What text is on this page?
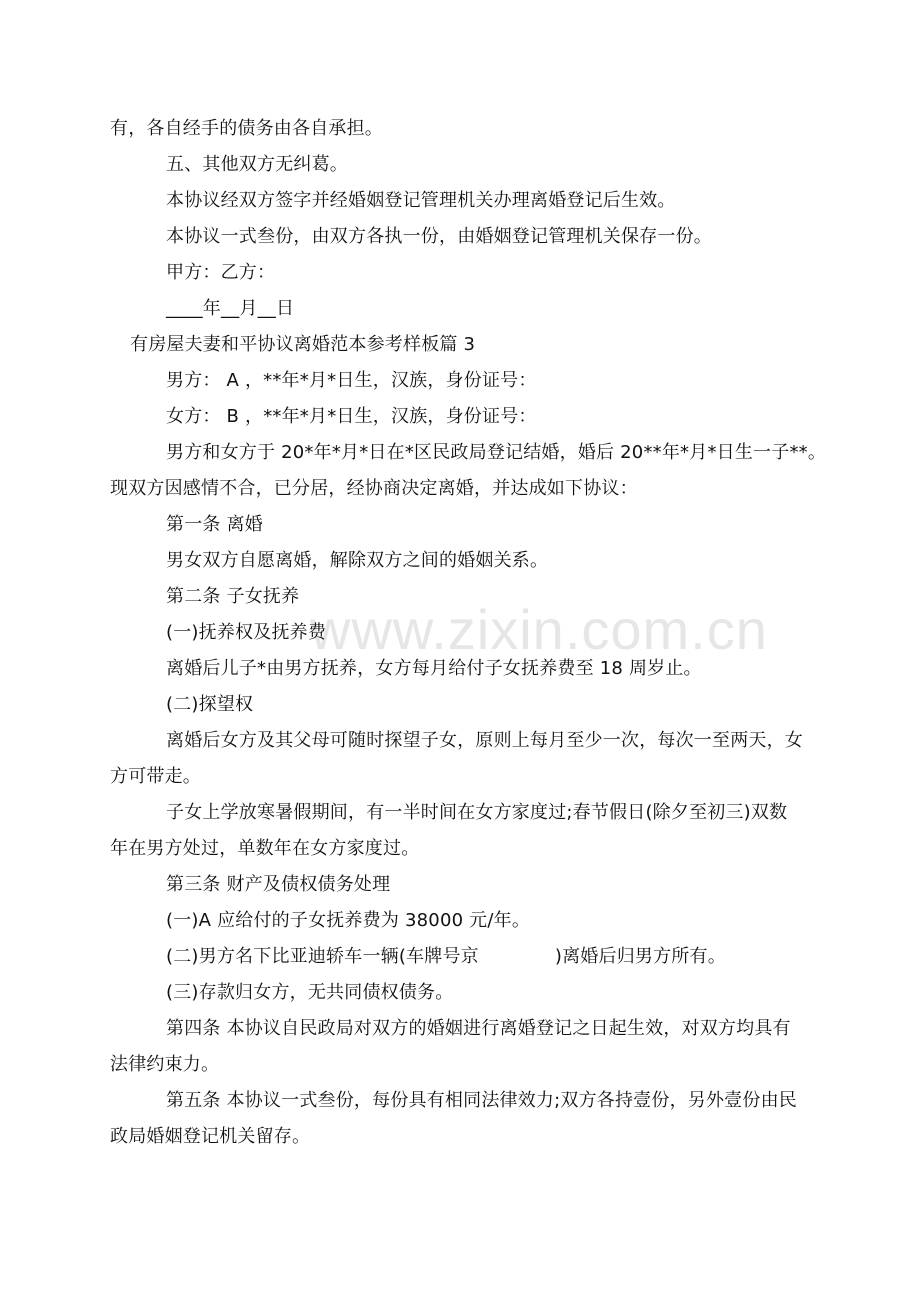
www.zixin.com.cn
有，各自经手的债务由各自承担。
五、其他双方无纠葛。
本协议经双方签字并经婚姻登记管理机关办理离婚登记后生效。
本协议一式叁份，由双方各执一份，由婚姻登记管理机关保存一份。
甲方：乙方：
____年__月__日
有房屋夫妻和平协议离婚范本参考样板篇 3
男方： A ，**年*月*日生，汉族，身份证号：
女方： B ，**年*月*日生，汉族，身份证号：
男方和女方于 20*年*月*日在*区民政局登记结婚，婚后 20**年*月*日生一子**。
现双方因感情不合，已分居，经协商决定离婚，并达成如下协议：
第一条 离婚
男女双方自愿离婚，解除双方之间的婚姻关系。
第二条 子女抚养
(一)抚养权及抚养费
离婚后儿子*由男方抚养，女方每月给付子女抚养费至 18 周岁止。
(二)探望权
离婚后女方及其父母可随时探望子女，原则上每月至少一次，每次一至两天，女
方可带走。
子女上学放寒暑假期间，有一半时间在女方家度过;春节假日(除夕至初三)双数
年在男方处过，单数年在女方家度过。
第三条 财产及债权债务处理
(一)A 应给付的子女抚养费为 38000 元/年。
(二)男方名下比亚迪轿车一辆(车牌号京	)离婚后归男方所有。
(三)存款归女方，无共同债权债务。
第四条 本协议自民政局对双方的婚姻进行离婚登记之日起生效，对双方均具有
法律约束力。
第五条 本协议一式叁份，每份具有相同法律效力;双方各持壹份，另外壹份由民
政局婚姻登记机关留存。
